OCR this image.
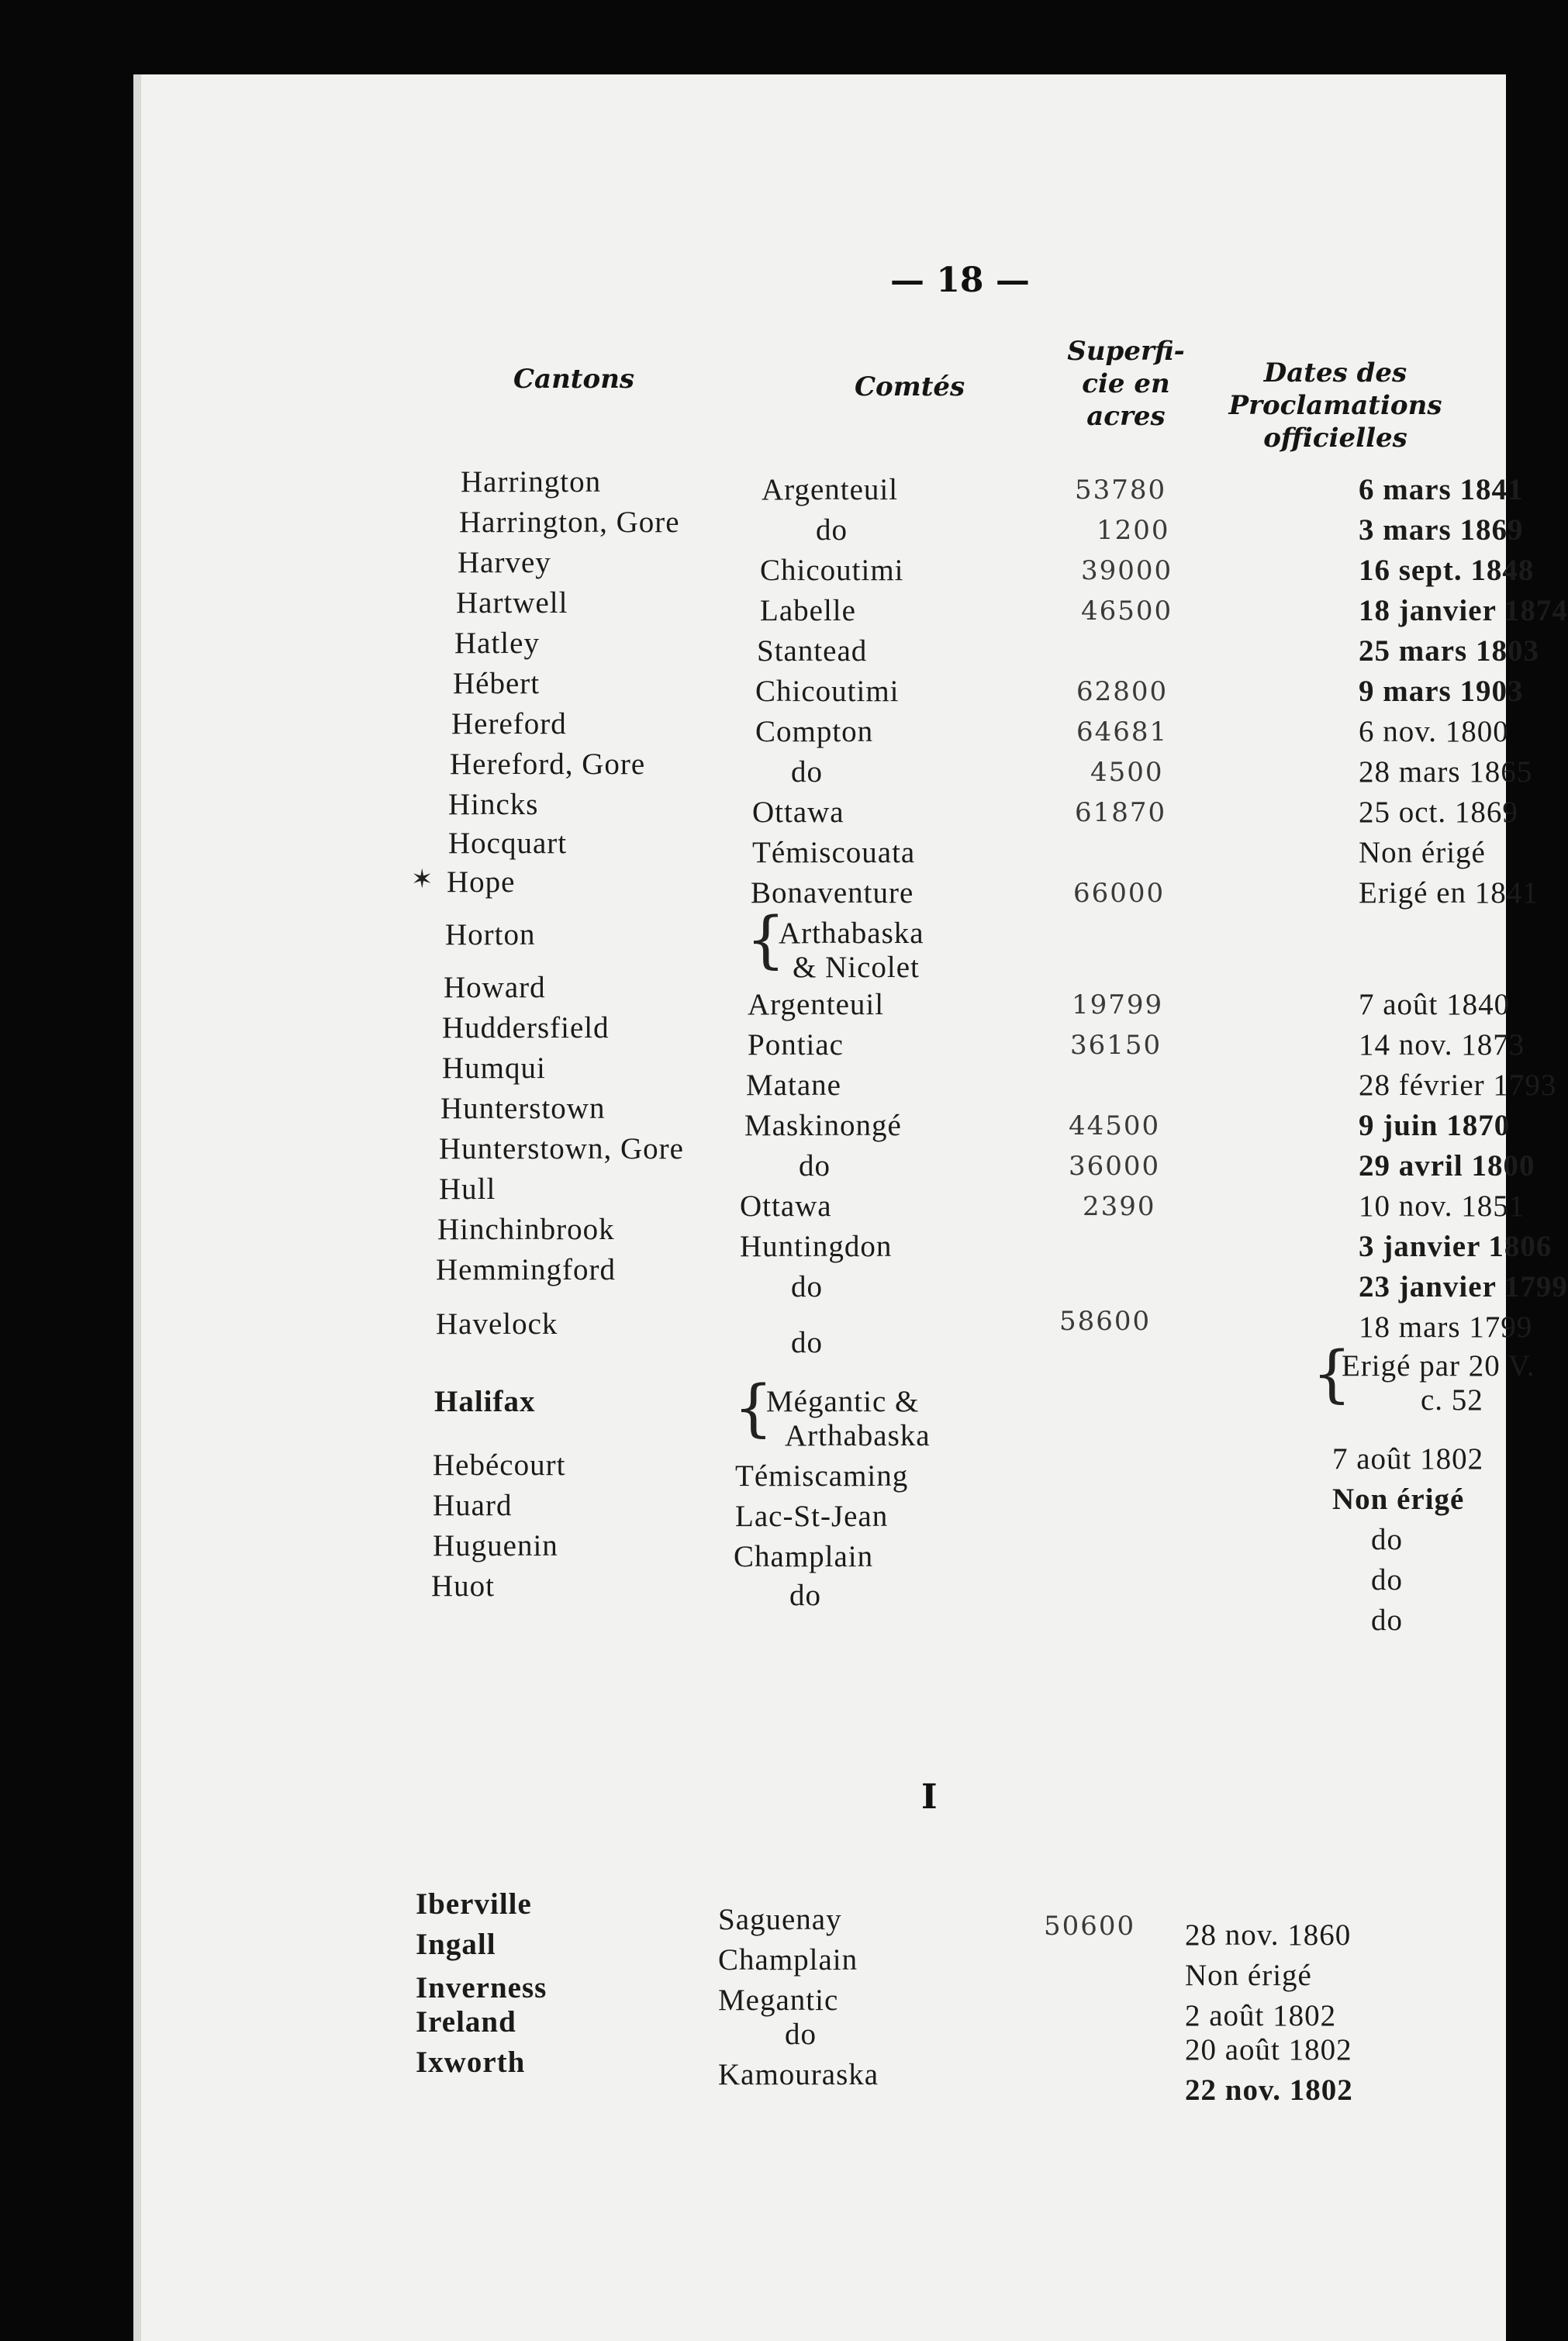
— 18 —
Cantons	Comtés
Superfi-
cie en
acres
Dates des
Proclamations
officielles
Harrington
Harrington, Gore
Harvey
Hartwell
Hatley
Hébert
Hereford
Hereford, Gore
Hincks
Hocquart
✶ Hope
Horton
Howard
Huddersfield
Humqui
Hunterstown
Hunterstown, Gore
Hull
Hinchinbrook
Hemmingford
Havelock
Halifax
Hebécourt
Huard
Huguenin
Huot
Argenteuil
do
Chicoutimi
Labelle
Stantead
Chicoutimi
Compton
do
Ottawa
Témiscouata
Bonaventure
{
Arthabaska
& Nicolet
Argenteuil
Pontiac
Matane
Maskinongé
do
Ottawa
Huntingdon
do
do
{
Mégantic &
Arthabaska
Témiscaming
Lac-St-Jean
Champlain
do
53780
1200
39000
46500
62800
64681
4500
61870
66000
19799
36150
44500
36000
2390
58600
6 mars 1841
3 mars 1869
16 sept. 1848
18 janvier 1874
25 mars 1803
9 mars 1903
6 nov. 1800
28 mars 1865
25 oct. 1869
Non érigé
Erigé en 1841
7 août 1840
14 nov. 1873
28 février 1793
9 juin 1870
29 avril 1800
10 nov. 1851
3 janvier 1806
23 janvier 1799
18 mars 1799
{
Erigé par 20 V.
c. 52
7 août 1802
Non érigé
do
do
do
I
Iberville
Ingall
Inverness
Ireland
Ixworth
Saguenay
Champlain
Megantic
do
Kamouraska
50600 28 nov. 1860
Non érigé
2 août 1802
20 août 1802
22 nov. 1802
